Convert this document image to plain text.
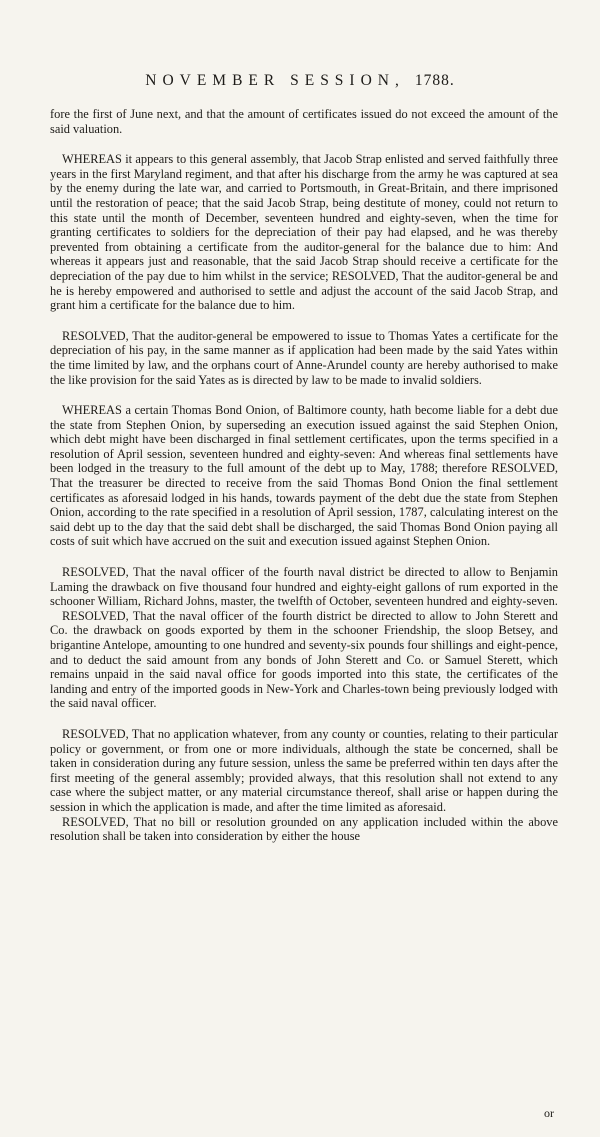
NOVEMBER SESSION, 1788.

fore the first of June next, and that the amount of certificates issued do not exceed the amount of the said valuation.

WHEREAS it appears to this general assembly, that Jacob Strap enlisted and served faithfully three years in the first Maryland regiment, and that after his discharge from the army he was captured at sea by the enemy during the late war, and carried to Portsmouth, in Great-Britain, and there imprisoned until the restoration of peace; that the said Jacob Strap, being destitute of money, could not return to this state until the month of December, seventeen hundred and eighty-seven, when the time for granting certificates to soldiers for the depreciation of their pay had elapsed, and he was thereby prevented from obtaining a certificate from the auditor-general for the balance due to him: And whereas it appears just and reasonable, that the said Jacob Strap should receive a certificate for the depreciation of the pay due to him whilst in the service; RESOLVED, That the auditor-general be and he is hereby empowered and authorised to settle and adjust the account of the said Jacob Strap, and grant him a certificate for the balance due to him.

RESOLVED, That the auditor-general be empowered to issue to Thomas Yates a certificate for the depreciation of his pay, in the same manner as if application had been made by the said Yates within the time limited by law, and the orphans court of Anne-Arundel county are hereby authorised to make the like provision for the said Yates as is directed by law to be made to invalid soldiers.

WHEREAS a certain Thomas Bond Onion, of Baltimore county, hath become liable for a debt due the state from Stephen Onion, by superseding an execution issued against the said Stephen Onion, which debt might have been discharged in final settlement certificates, upon the terms specified in a resolution of April session, seventeen hundred and eighty-seven: And whereas final settlements have been lodged in the treasury to the full amount of the debt up to May, 1788; therefore RESOLVED, That the treasurer be directed to receive from the said Thomas Bond Onion the final settlement certificates as aforesaid lodged in his hands, towards payment of the debt due the state from Stephen Onion, according to the rate specified in a resolution of April session, 1787, calculating interest on the said debt up to the day that the said debt shall be discharged, the said Thomas Bond Onion paying all costs of suit which have accrued on the suit and execution issued against Stephen Onion.

RESOLVED, That the naval officer of the fourth naval district be directed to allow to Benjamin Laming the drawback on five thousand four hundred and eighty-eight gallons of rum exported in the schooner William, Richard Johns, master, the twelfth of October, seventeen hundred and eighty-seven.

RESOLVED, That the naval officer of the fourth district be directed to allow to John Sterett and Co. the drawback on goods exported by them in the schooner Friendship, the sloop Betsey, and brigantine Antelope, amounting to one hundred and seventy-six pounds four shillings and eight-pence, and to deduct the said amount from any bonds of John Sterett and Co. or Samuel Sterett, which remains unpaid in the said naval office for goods imported into this state, the certificates of the landing and entry of the imported goods in New-York and Charles-town being previously lodged with the said naval officer.

RESOLVED, That no application whatever, from any county or counties, relating to their particular policy or government, or from one or more individuals, although the state be concerned, shall be taken in consideration during any future session, unless the same be preferred within ten days after the first meeting of the general assembly; provided always, that this resolution shall not extend to any case where the subject matter, or any material circumstance thereof, shall arise or happen during the session in which the application is made, and after the time limited as aforesaid.

RESOLVED, That no bill or resolution grounded on any application included within the above resolution shall be taken into consideration by either the house

or
